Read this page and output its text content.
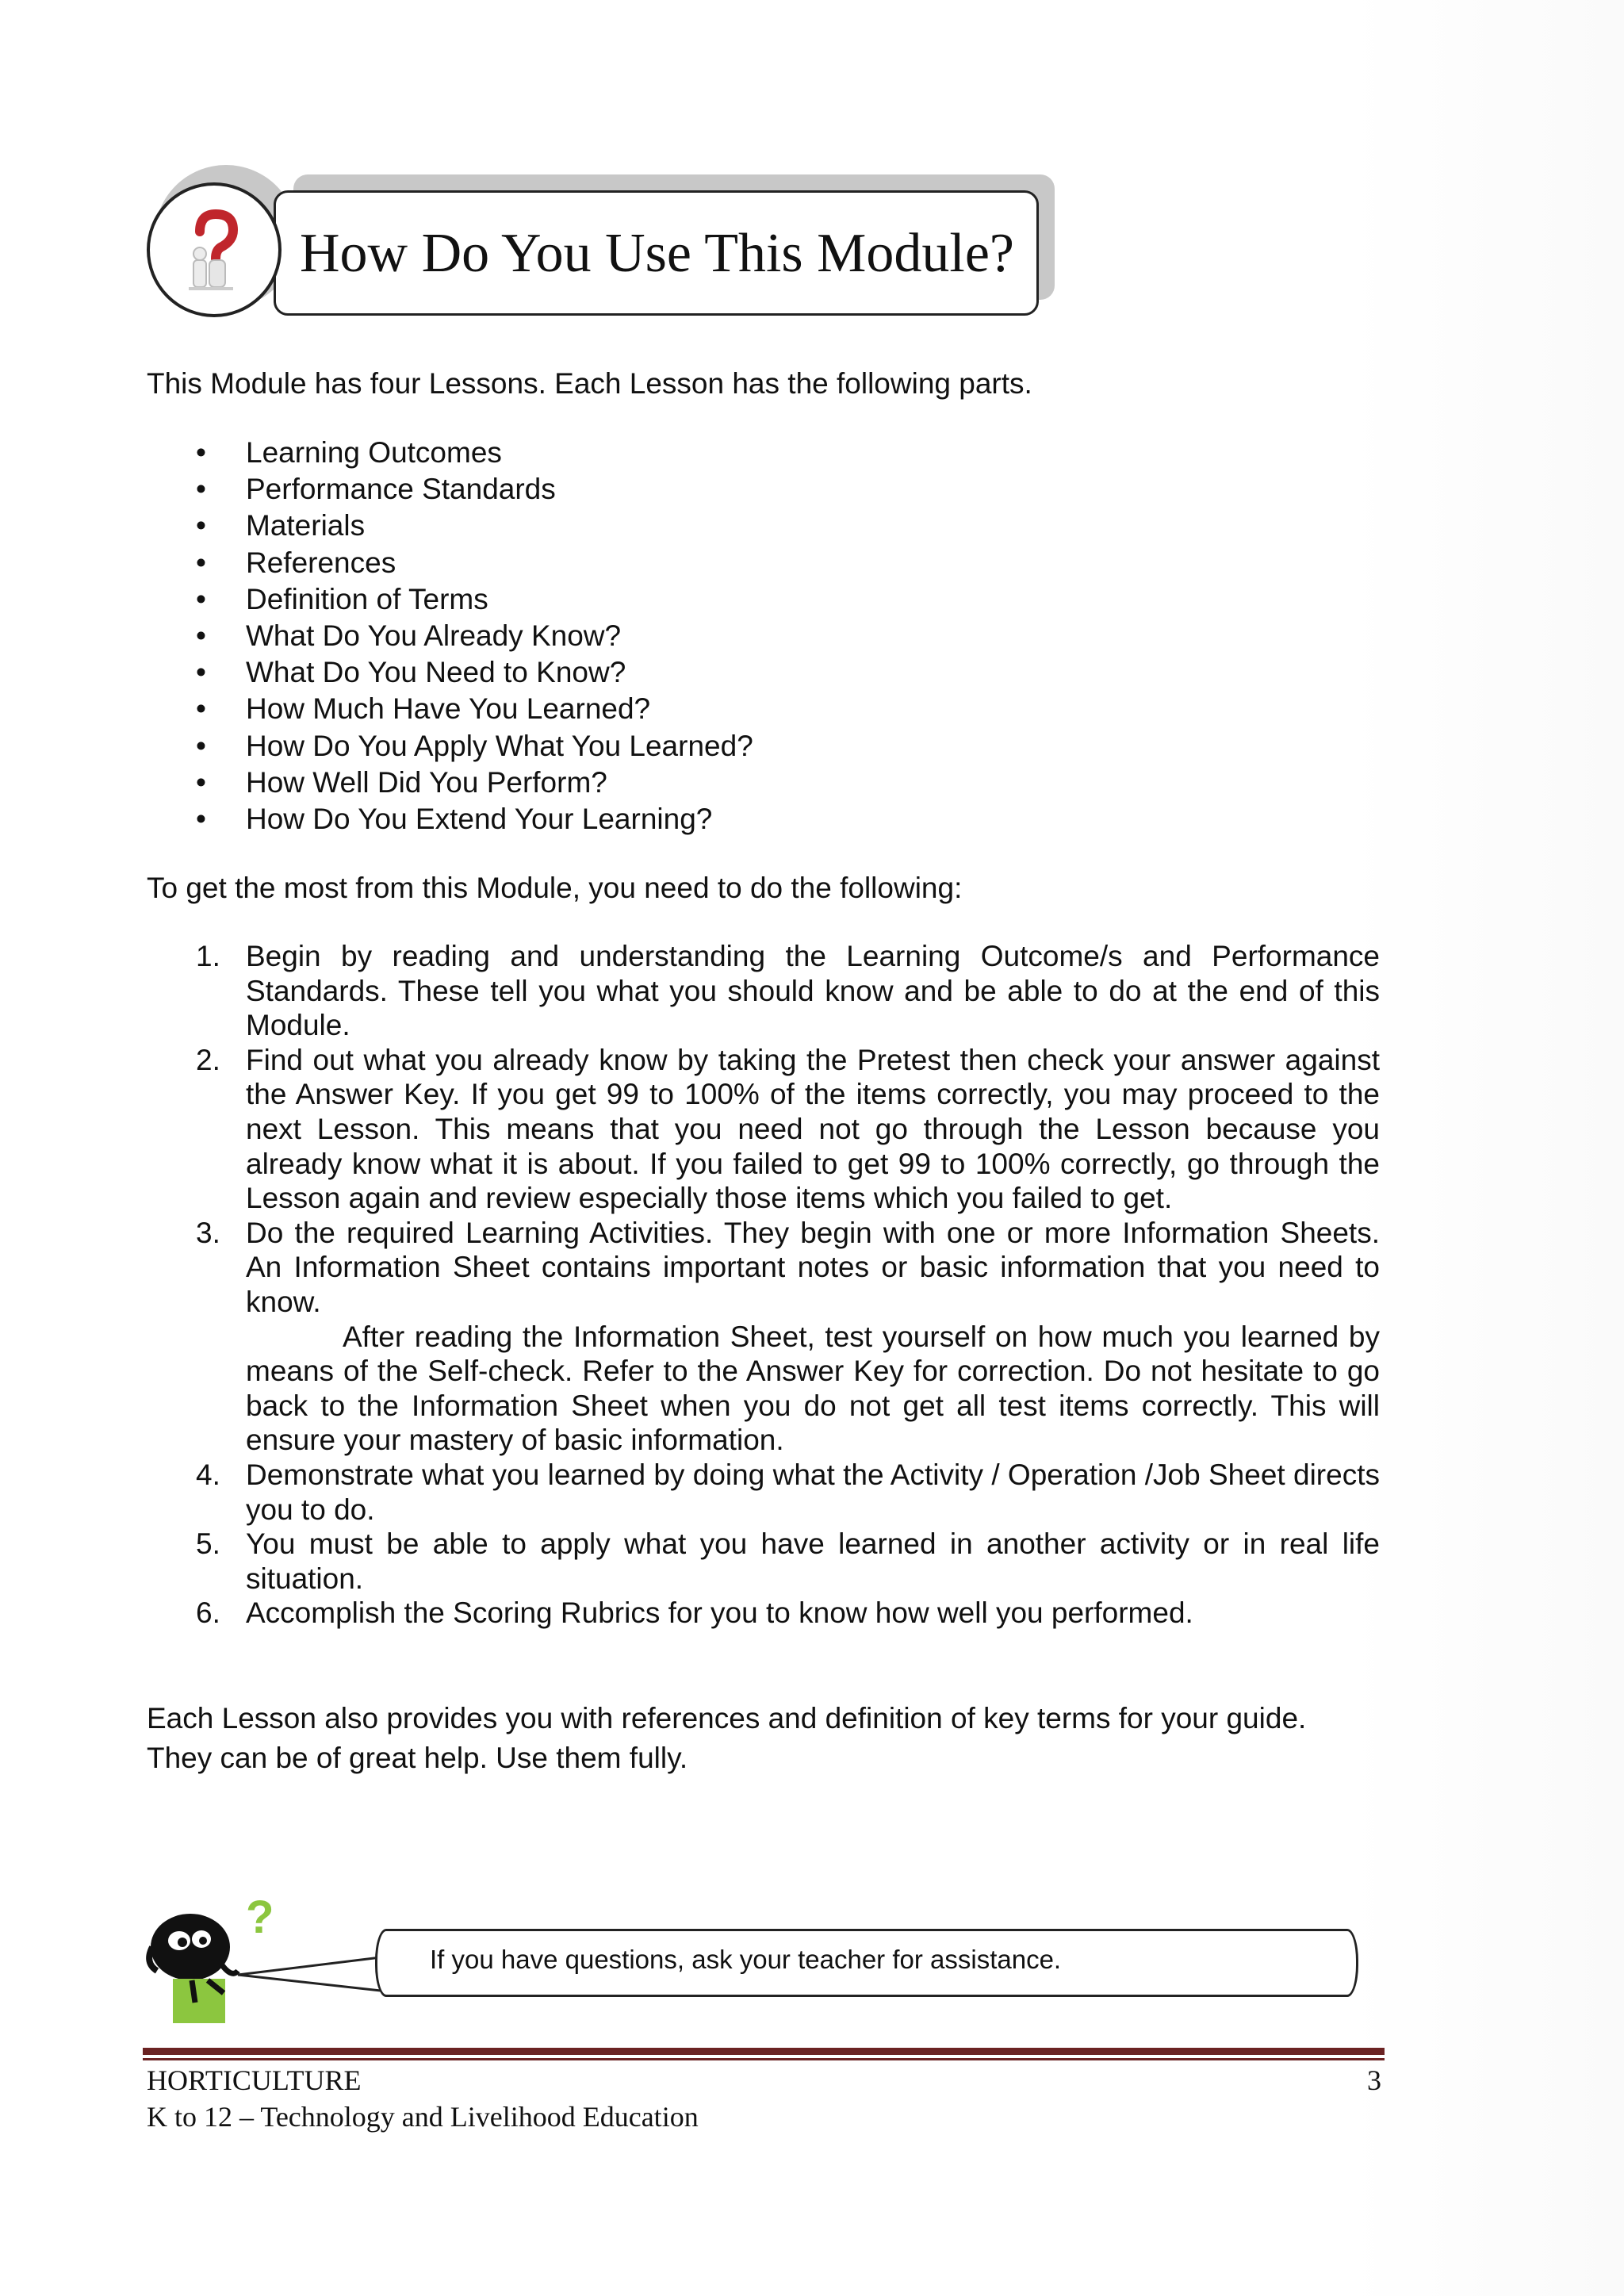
How Do You Use This Module?
This Module has four Lessons. Each Lesson has the following parts.
• Learning Outcomes
• Performance Standards
• Materials
• References
• Definition of Terms
• What Do You Already Know?
• What Do You Need to Know?
• How Much Have You Learned?
• How Do You Apply What You Learned?
• How Well Did You Perform?
• How Do You Extend Your Learning?
To get the most from this Module, you need to do the following:
1. Begin by reading and understanding the Learning Outcome/s and Performance Standards. These tell you what you should know and be able to do at the end of this Module.

2. Find out what you already know by taking the Pretest then check your answer against the Answer Key. If you get 99 to 100% of the items correctly, you may proceed to the next Lesson. This means that you need not go through the Lesson because you already know what it is about. If you failed to get 99 to 100% correctly, go through the Lesson again and review especially those items which you failed to get.

3. Do the required Learning Activities. They begin with one or more Information Sheets. An Information Sheet contains important notes or basic information that you need to know.

After reading the Information Sheet, test yourself on how much you learned by means of the Self-check. Refer to the Answer Key for correction. Do not hesitate to go back to the Information Sheet when you do not get all test items correctly. This will ensure your mastery of basic information.

4. Demonstrate what you learned by doing what the Activity / Operation /Job Sheet directs you to do.

5. You must be able to apply what you have learned in another activity or in real life situation.

6. Accomplish the Scoring Rubrics for you to know how well you performed.

Each Lesson also provides you with references and definition of key terms for your guide.
They can be of great help. Use them fully.
?
If you have questions, ask your teacher for assistance.
HORTICULTURE
K to 12 – Technology and Livelihood Education
3
